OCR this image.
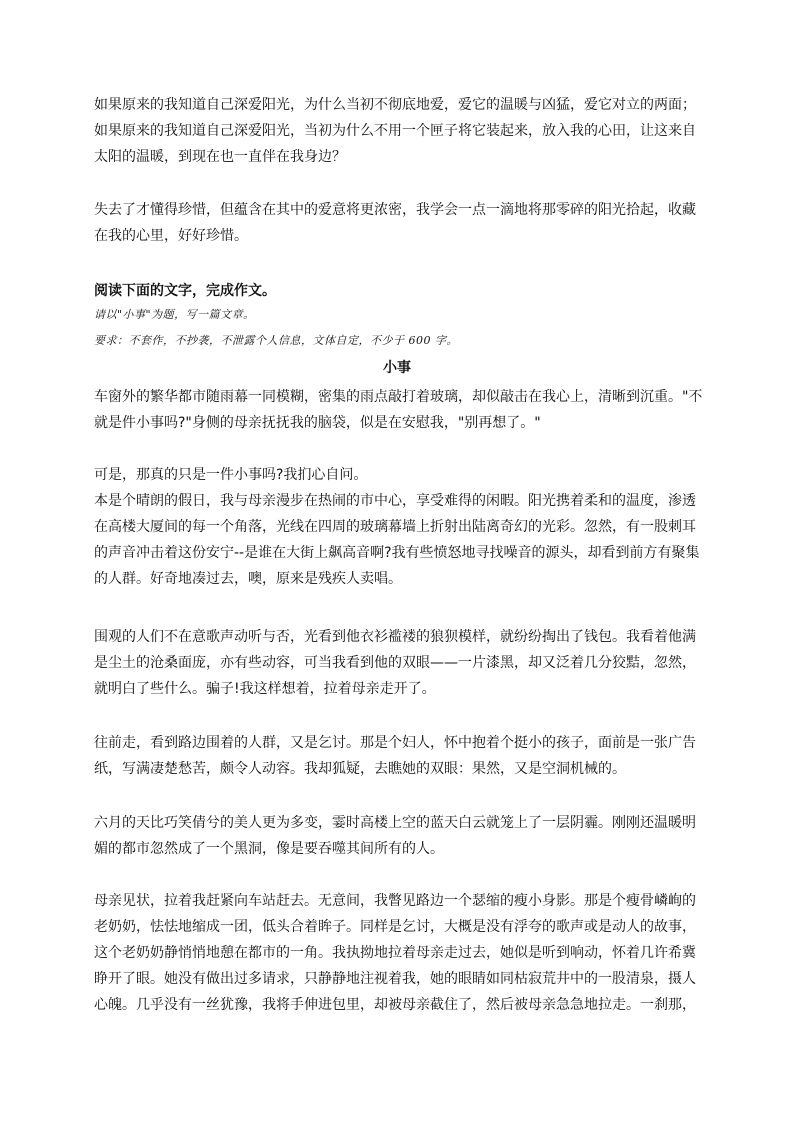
如果原来的我知道自己深爱阳光，为什么当初不彻底地爱，爱它的温暖与凶猛，爱它对立的两面；
如果原来的我知道自己深爱阳光，当初为什么不用一个匣子将它装起来，放入我的心田，让这来自
太阳的温暖，到现在也一直伴在我身边？
失去了才懂得珍惜，但蕴含在其中的爱意将更浓密，我学会一点一滴地将那零碎的阳光拾起，收藏
在我的心里，好好珍惜。

阅读下面的文字，完成作文。

请以"小事"为题，写一篇文章。

要求：不套作，不抄袭，不泄露个人信息，文体自定，不少于 600 字。

小事

车窗外的繁华都市随雨幕一同模糊，密集的雨点敲打着玻璃，却似敲击在我心上，清晰到沉重。"不
就是件小事吗?"身侧的母亲抚抚我的脑袋，似是在安慰我，"别再想了。"
可是，那真的只是一件小事吗?我扪心自问。
本是个晴朗的假日，我与母亲漫步在热闹的市中心，享受难得的闲暇。阳光携着柔和的温度，渗透
在高楼大厦间的每一个角落，光线在四周的玻璃幕墙上折射出陆离奇幻的光彩。忽然，有一股刺耳
的声音冲击着这份安宁--是谁在大街上飙高音啊?我有些愤怒地寻找噪音的源头，却看到前方有聚集
的人群。好奇地凑过去，噢，原来是残疾人卖唱。
围观的人们不在意歌声动听与否，光看到他衣衫褴褛的狼狈模样，就纷纷掏出了钱包。我看着他满
是尘土的沧桑面庞，亦有些动容，可当我看到他的双眼——一片漆黑，却又泛着几分狡黠，忽然，
就明白了些什么。骗子!我这样想着，拉着母亲走开了。
往前走，看到路边围着的人群，又是乞讨。那是个妇人，怀中抱着个挺小的孩子，面前是一张广告
纸，写满凄楚愁苦，颇令人动容。我却狐疑，去瞧她的双眼：果然，又是空洞机械的。
六月的天比巧笑倩兮的美人更为多变，霎时高楼上空的蓝天白云就笼上了一层阴霾。刚刚还温暖明
媚的都市忽然成了一个黑洞，像是要吞噬其间所有的人。
母亲见状，拉着我赶紧向车站赶去。无意间，我瞥见路边一个瑟缩的瘦小身影。那是个瘦骨嶙峋的
老奶奶，怯怯地缩成一团，低头合着眸子。同样是乞讨，大概是没有浮夸的歌声或是动人的故事，
这个老奶奶静悄悄地憩在都市的一角。我执拗地拉着母亲走过去，她似是听到响动，怀着几许希冀
睁开了眼。她没有做出过多请求，只静静地注视着我，她的眼睛如同枯寂荒井中的一股清泉，摄人
心魄。几乎没有一丝犹豫，我将手伸进包里，却被母亲截住了，然后被母亲急急地拉走。一刹那，
